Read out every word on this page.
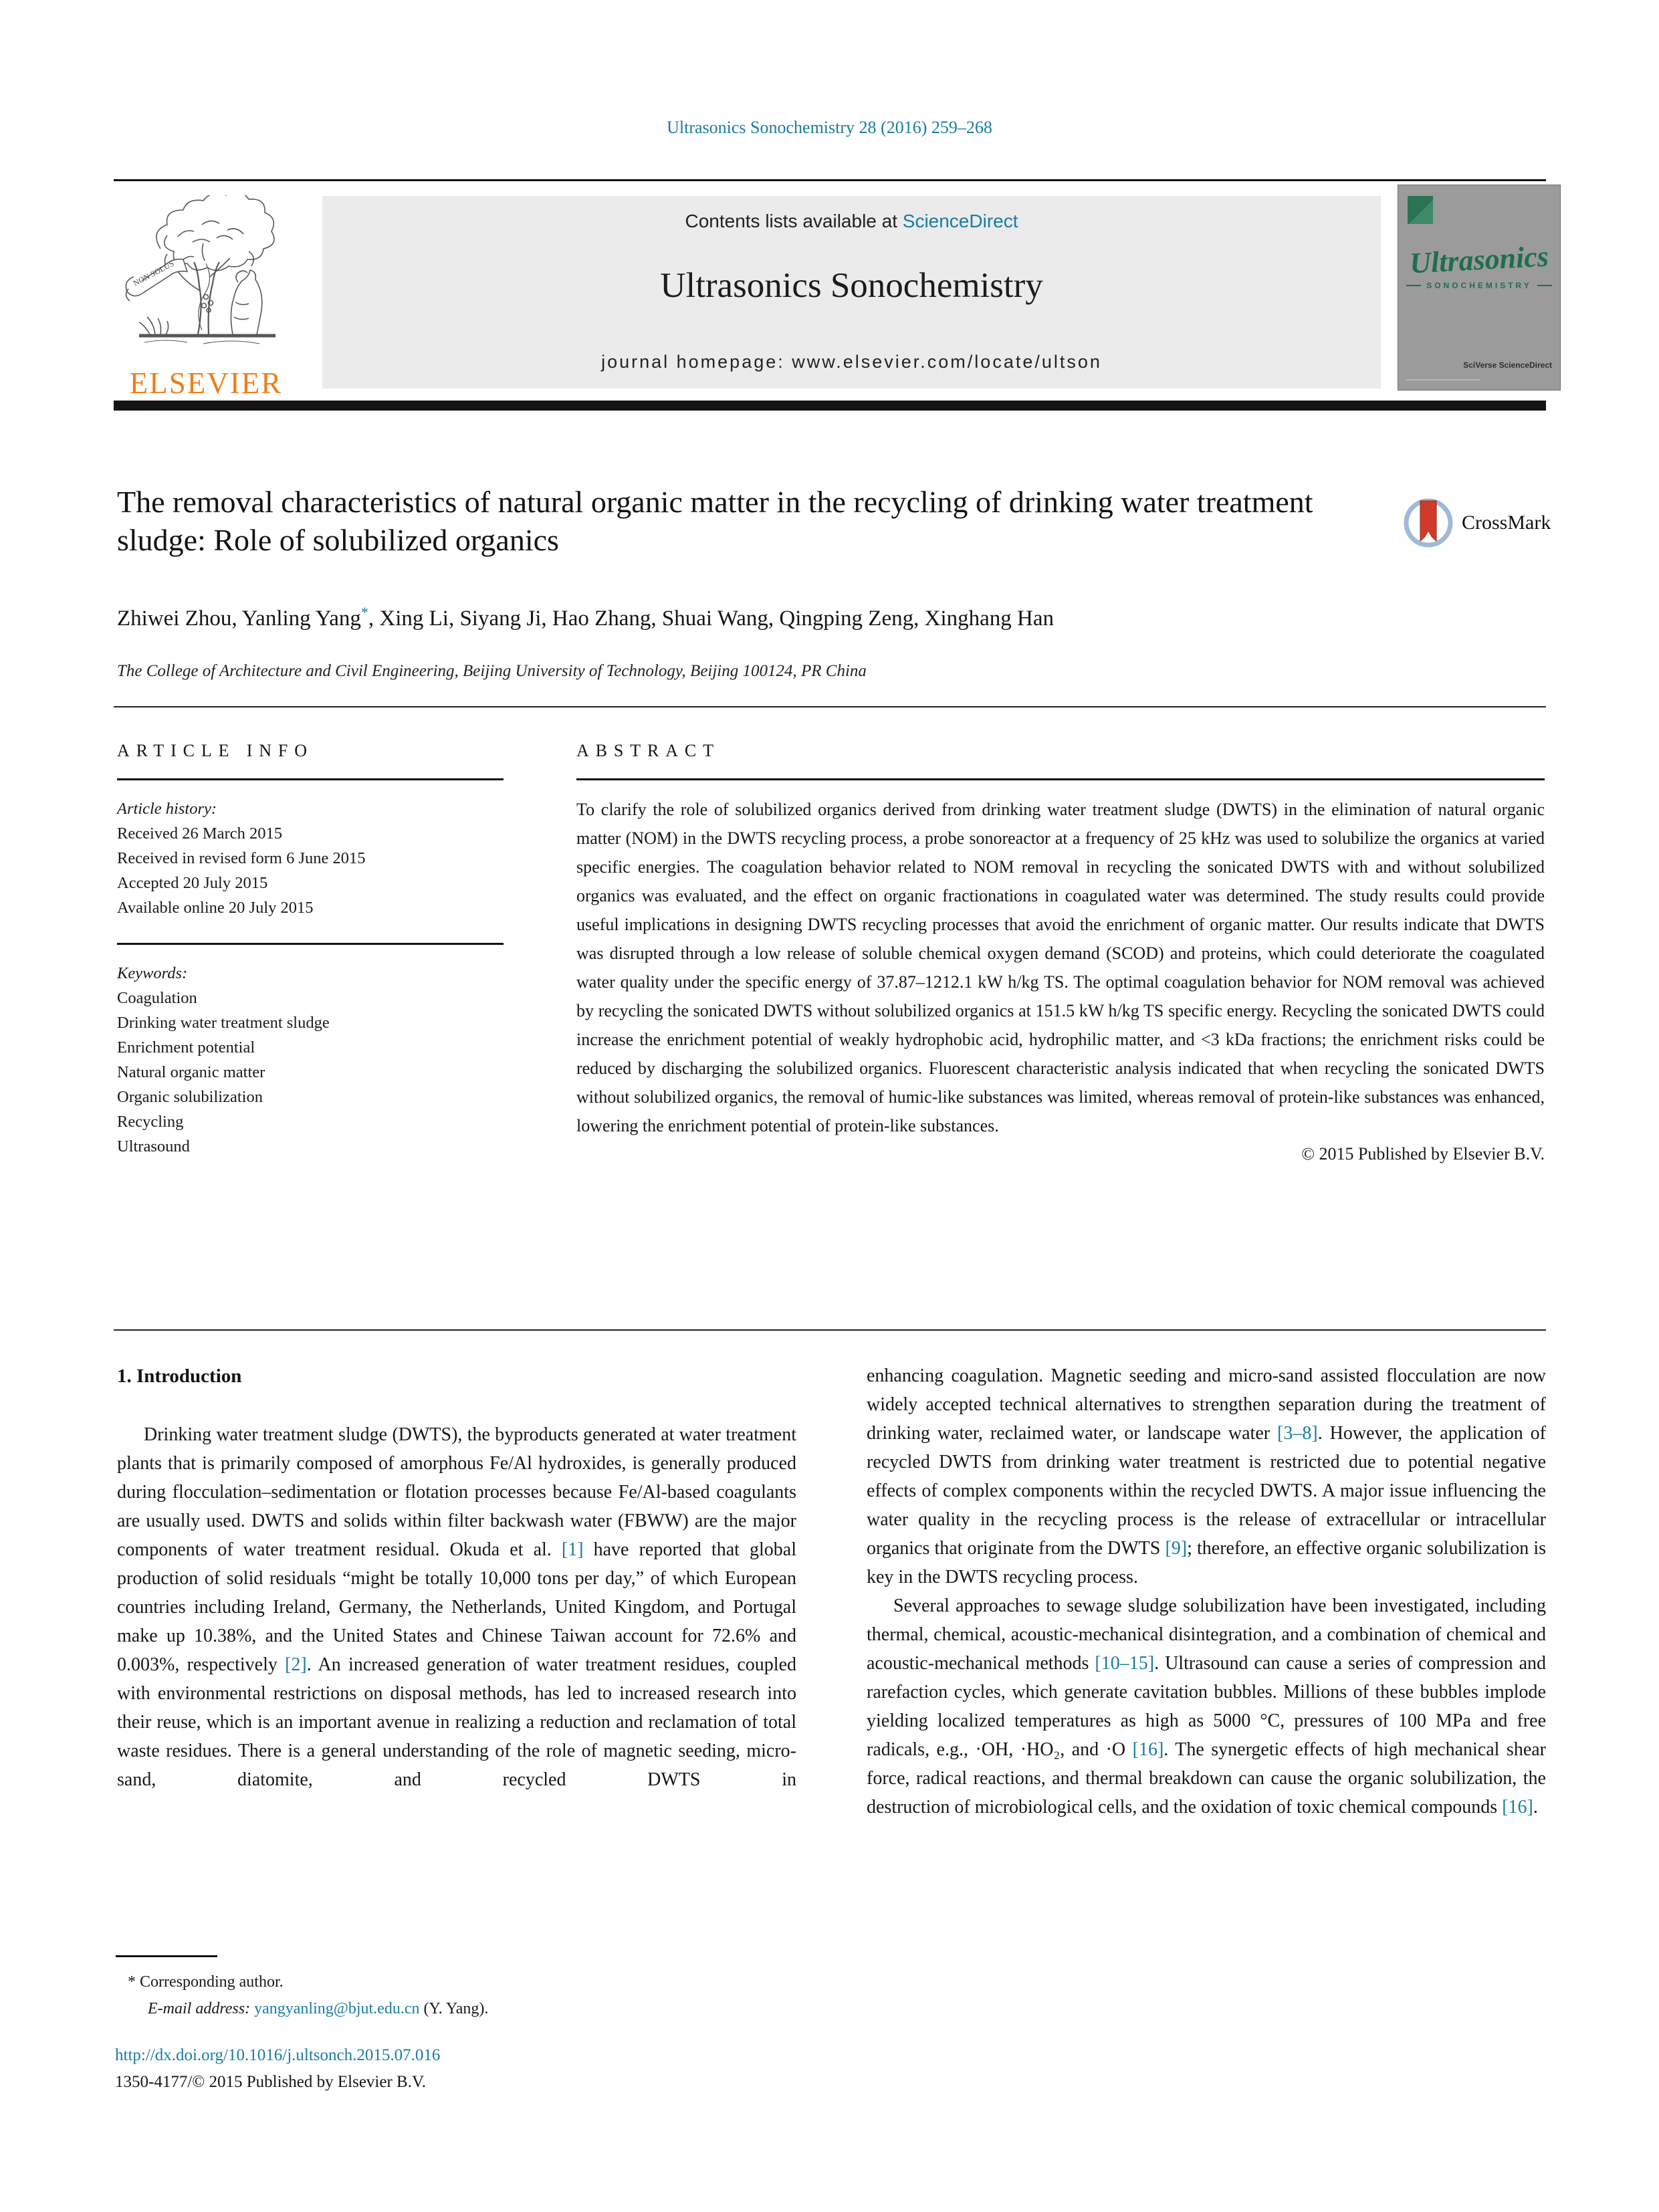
Ultrasonics Sonochemistry 28 (2016) 259–268
NON SOLUS
ELSEVIER
Contents lists available at ScienceDirect
Ultrasonics Sonochemistry
journal homepage: www.elsevier.com/locate/ultson
Ultrasonics
SONOCHEMISTRY
SciVerse ScienceDirect
The removal characteristics of natural organic matter in the recycling of drinking water treatment sludge: Role of solubilized organics
CrossMark
Zhiwei Zhou, Yanling Yang*, Xing Li, Siyang Ji, Hao Zhang, Shuai Wang, Qingping Zeng, Xinghang Han
The College of Architecture and Civil Engineering, Beijing University of Technology, Beijing 100124, PR China
ARTICLE INFO
Article history:
Received 26 March 2015
Received in revised form 6 June 2015
Accepted 20 July 2015
Available online 20 July 2015
Keywords:
Coagulation
Drinking water treatment sludge
Enrichment potential
Natural organic matter
Organic solubilization
Recycling
Ultrasound
ABSTRACT
To clarify the role of solubilized organics derived from drinking water treatment sludge (DWTS) in the elimination of natural organic matter (NOM) in the DWTS recycling process, a probe sonoreactor at a frequency of 25 kHz was used to solubilize the organics at varied specific energies. The coagulation behavior related to NOM removal in recycling the sonicated DWTS with and without solubilized organics was evaluated, and the effect on organic fractionations in coagulated water was determined. The study results could provide useful implications in designing DWTS recycling processes that avoid the enrichment of organic matter. Our results indicate that DWTS was disrupted through a low release of soluble chemical oxygen demand (SCOD) and proteins, which could deteriorate the coagulated water quality under the specific energy of 37.87–1212.1 kW h/kg TS. The optimal coagulation behavior for NOM removal was achieved by recycling the sonicated DWTS without solubilized organics at 151.5 kW h/kg TS specific energy. Recycling the sonicated DWTS could increase the enrichment potential of weakly hydrophobic acid, hydrophilic matter, and <3 kDa fractions; the enrichment risks could be reduced by discharging the solubilized organics. Fluorescent characteristic analysis indicated that when recycling the sonicated DWTS without solubilized organics, the removal of humic-like substances was limited, whereas removal of protein-like substances was enhanced, lowering the enrichment potential of protein-like substances.
© 2015 Published by Elsevier B.V.
1. Introduction

Drinking water treatment sludge (DWTS), the byproducts generated at water treatment plants that is primarily composed of amorphous Fe/Al hydroxides, is generally produced during flocculation–sedimentation or flotation processes because Fe/Al-based coagulants are usually used. DWTS and solids within filter backwash water (FBWW) are the major components of water treatment residual. Okuda et al. [1] have reported that global production of solid residuals “might be totally 10,000 tons per day,” of which European countries including Ireland, Germany, the Netherlands, United Kingdom, and Portugal make up 10.38%, and the United States and Chinese Taiwan account for 72.6% and 0.003%, respectively [2]. An increased generation of water treatment residues, coupled with environmental restrictions on disposal methods, has led to increased research into their reuse, which is an important avenue in realizing a reduction and reclamation of total waste residues. There is a general understanding of the role of magnetic seeding, micro-sand, diatomite, and recycled DWTS in

enhancing coagulation. Magnetic seeding and micro-sand assisted flocculation are now widely accepted technical alternatives to strengthen separation during the treatment of drinking water, reclaimed water, or landscape water [3–8]. However, the application of recycled DWTS from drinking water treatment is restricted due to potential negative effects of complex components within the recycled DWTS. A major issue influencing the water quality in the recycling process is the release of extracellular or intracellular organics that originate from the DWTS [9]; therefore, an effective organic solubilization is key in the DWTS recycling process.

Several approaches to sewage sludge solubilization have been investigated, including thermal, chemical, acoustic-mechanical disintegration, and a combination of chemical and acoustic-mechanical methods [10–15]. Ultrasound can cause a series of compression and rarefaction cycles, which generate cavitation bubbles. Millions of these bubbles implode yielding localized temperatures as high as 5000 °C, pressures of 100 MPa and free radicals, e.g., ·OH, ·HO₂, and ·O [16]. The synergetic effects of high mechanical shear force, radical reactions, and thermal breakdown can cause the organic solubilization, the destruction of microbiological cells, and the oxidation of toxic chemical compounds [16].

* Corresponding author.
E-mail address: yangyanling@bjut.edu.cn (Y. Yang).
http://dx.doi.org/10.1016/j.ultsonch.2015.07.016
1350-4177/© 2015 Published by Elsevier B.V.
